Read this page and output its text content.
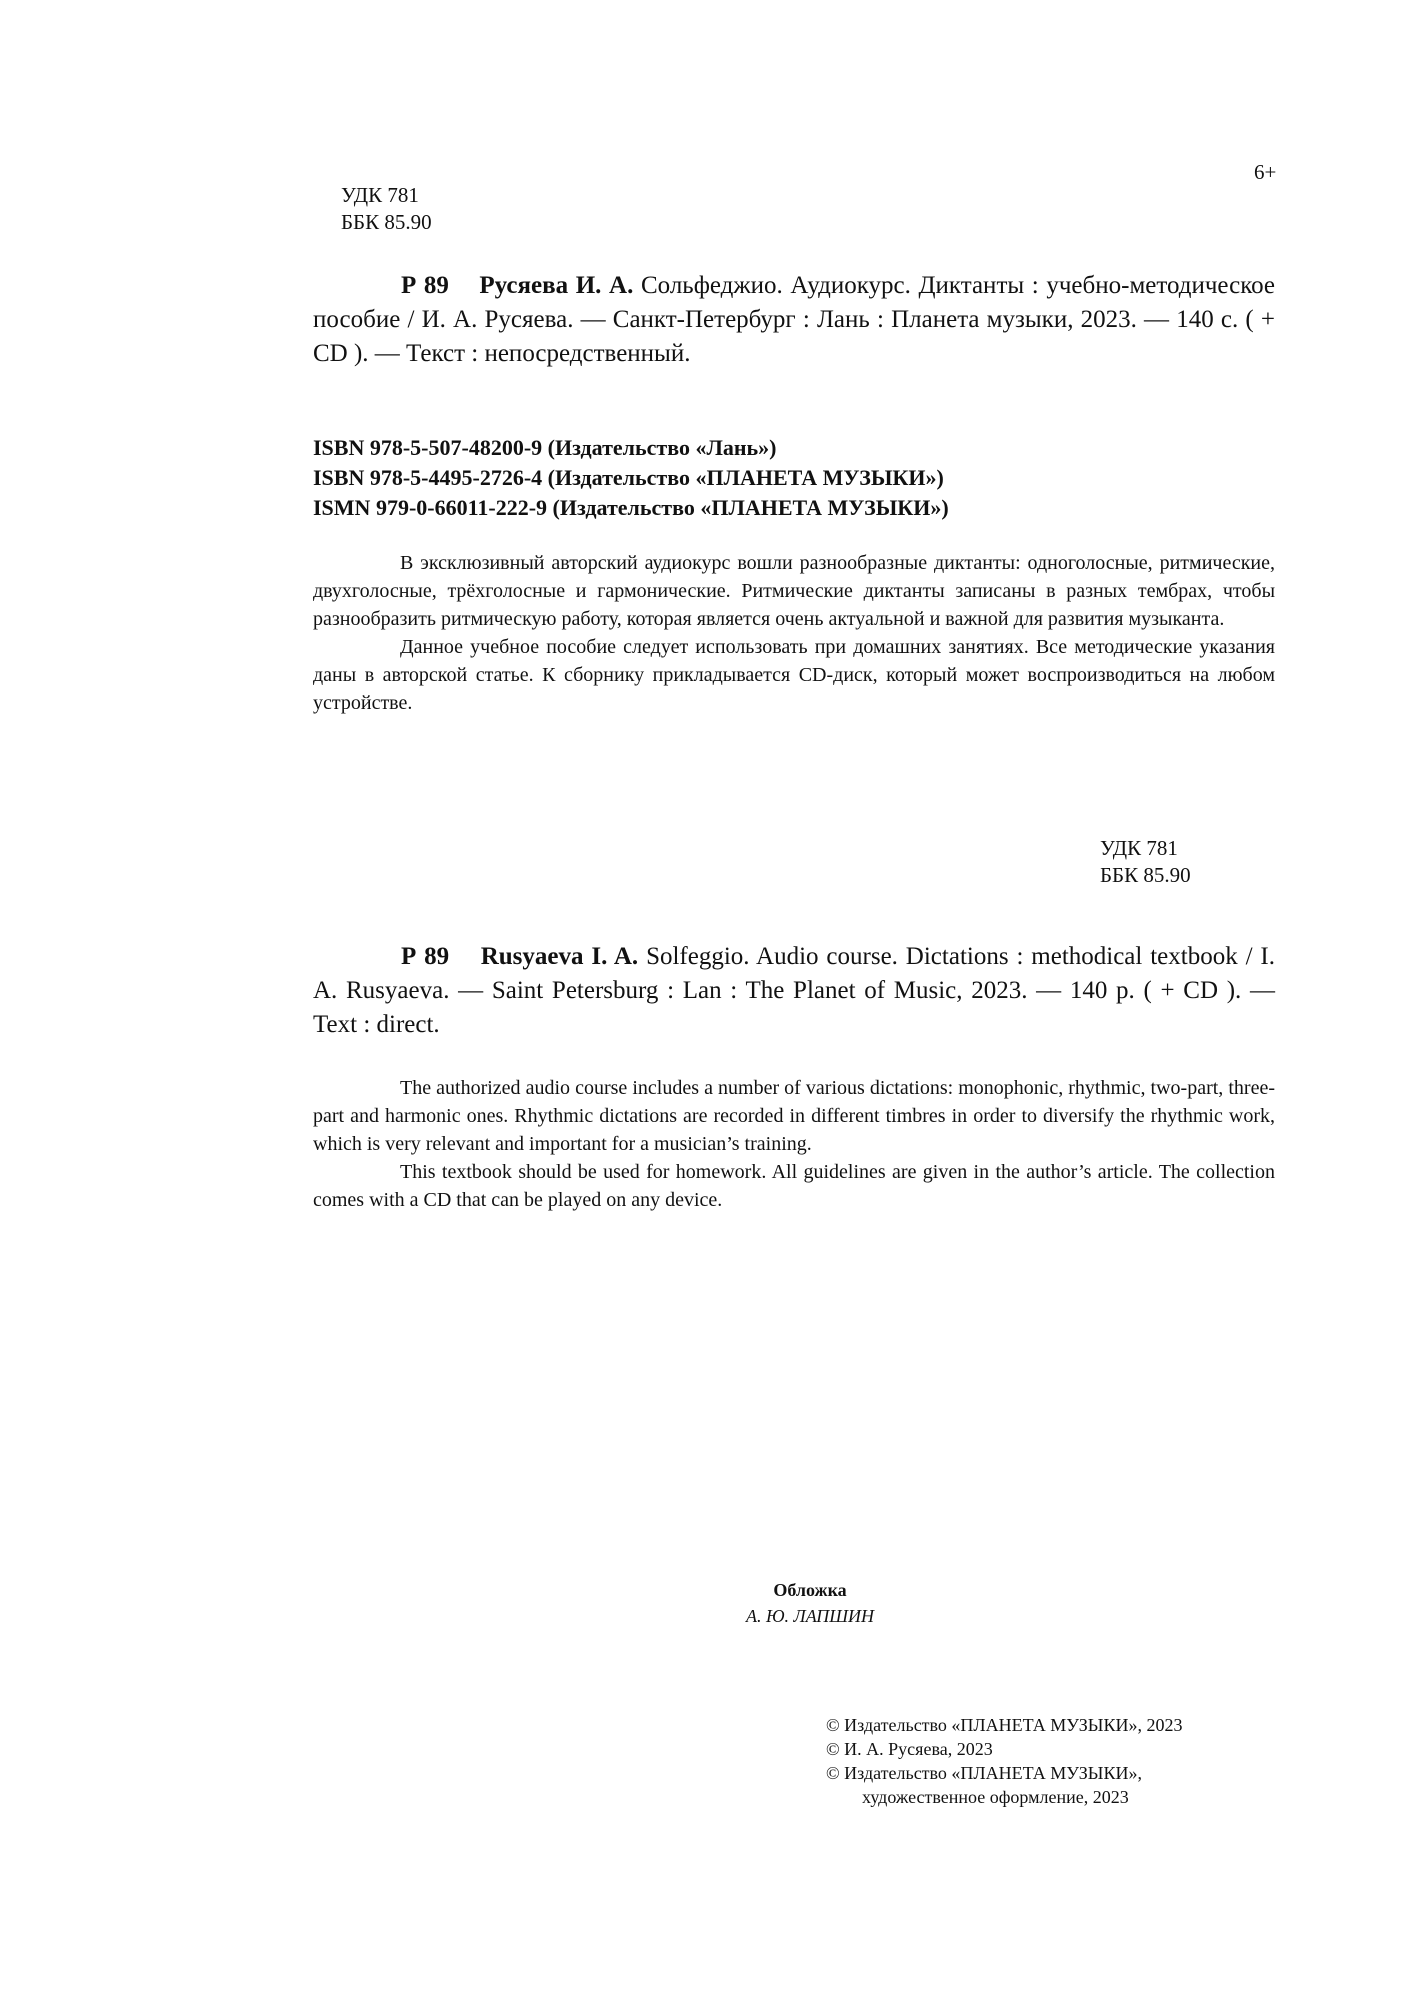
6+
УДК 781
ББК 85.90
Р 89 Русяева И. А. Сольфеджио. Аудиокурс. Диктанты : учебно-методическое пособие / И. А. Русяева. — Санкт-Петербург : Лань : Планета музыки, 2023. — 140 с. ( + CD ). — Текст : непосредственный.
ISBN 978-5-507-48200-9 (Издательство «Лань»)
ISBN 978-5-4495-2726-4 (Издательство «ПЛАНЕТА МУЗЫКИ»)
ISMN 979-0-66011-222-9 (Издательство «ПЛАНЕТА МУЗЫКИ»)

В эксклюзивный авторский аудиокурс вошли разнообразные диктанты: одноголосные, ритмические, двухголосные, трёхголосные и гармонические. Ритмические диктанты записаны в разных тембрах, чтобы разнообразить ритмическую работу, которая является очень актуальной и важной для развития музыканта.

Данное учебное пособие следует использовать при домашних занятиях. Все методические указания даны в авторской статье. К сборнику прикладывается CD-диск, который может воспроизводиться на любом устройстве.

УДК 781
ББК 85.90
Р 89 Rusyaeva I. A. Solfeggio. Audio course. Dictations : methodical textbook / I. A. Rusyaeva. — Saint Petersburg : Lan : The Planet of Music, 2023. — 140 p. ( + CD ). — Text : direct.

The authorized audio course includes a number of various dictations: monophonic, rhythmic, two-part, three-part and harmonic ones. Rhythmic dictations are recorded in different timbres in order to diversify the rhythmic work, which is very relevant and important for a musician’s training.

This textbook should be used for homework. All guidelines are given in the author’s article. The collection comes with a CD that can be played on any device.

Обложка
А. Ю. ЛАПШИН
© Издательство «ПЛАНЕТА МУЗЫКИ», 2023
© И. А. Русяева, 2023
© Издательство «ПЛАНЕТА МУЗЫКИ»,
художественное оформление, 2023
